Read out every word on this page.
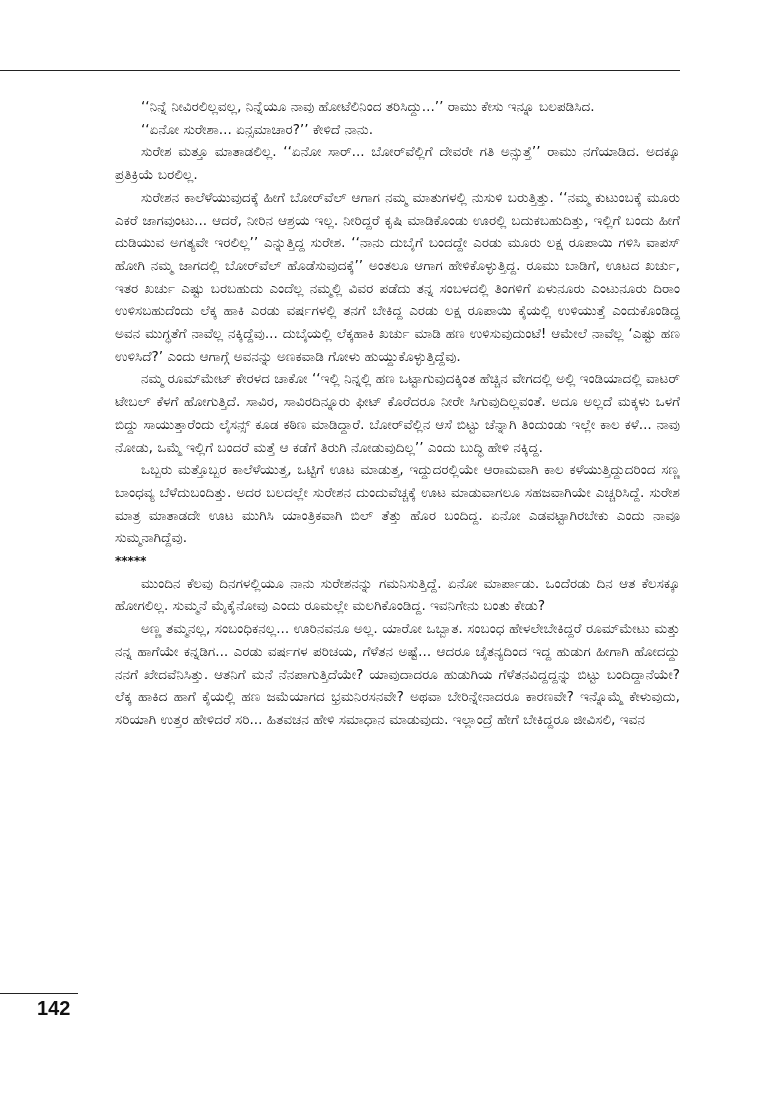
‘‘ನಿನ್ನೆ ನೀವಿರಲಿಲ್ಲವಲ್ಲ, ನಿನ್ನೆಯೂ ನಾವು ಹೋಟೆಲಿನಿಂದ ತರಿಸಿದ್ದು...’’ ರಾಮು ಕೇಸು ಇನ್ನೂ ಬಲಪಡಿಸಿದ.

‘‘ಏನೋ ಸುರೇಶಾ... ಏನ್ಸಮಾಚಾರ?’’ ಕೇಳಿದೆ ನಾನು.

ಸುರೇಶ ಮತ್ತೂ ಮಾತಾಡಲಿಲ್ಲ. ‘‘ಏನೋ ಸಾರ್... ಬೋರ್‌ವೆಲ್ಲಿಗೆ ದೇವರೇ ಗತಿ ಅನ್ಸುತ್ತೆ’’ ರಾಮು ನಗೆಯಾಡಿದ. ಅದಕ್ಕೂ ಪ್ರತಿಕ್ರಿಯೆ ಬರಲಿಲ್ಲ.

ಸುರೇಶನ ಕಾಲೆಳೆಯುವುದಕ್ಕೆ ಹೀಗೆ ಬೋರ್‌ವೆಲ್ ಆಗಾಗ ನಮ್ಮ ಮಾತುಗಳಲ್ಲಿ ನುಸುಳಿ ಬರುತ್ತಿತ್ತು. ‘‘ನಮ್ಮ ಕುಟುಂಬಕ್ಕೆ ಮೂರು ಎಕರೆ ಜಾಗವುಂಟು... ಆದರೆ, ನೀರಿನ ಆಶ್ರಯ ಇಲ್ಲ. ನೀರಿದ್ದರೆ ಕೃಷಿ ಮಾಡಿಕೊಂಡು ಊರಲ್ಲಿ ಬದುಕಬಹುದಿತ್ತು, ಇಲ್ಲಿಗೆ ಬಂದು ಹೀಗೆ ದುಡಿಯುವ ಅಗತ್ಯವೇ ಇರಲಿಲ್ಲ’’ ಎನ್ನುತ್ತಿದ್ದ ಸುರೇಶ. ‘‘ನಾನು ದುಬೈಗೆ ಬಂದದ್ದೇ ಎರಡು ಮೂರು ಲಕ್ಷ ರೂಪಾಯಿ ಗಳಿಸಿ ವಾಪಸ್ ಹೋಗಿ ನಮ್ಮ ಜಾಗದಲ್ಲಿ ಬೋರ್‌ವೆಲ್ ಹೊಡೆಸುವುದಕ್ಕೆ’’ ಅಂತಲೂ ಆಗಾಗ ಹೇಳಿಕೊಳ್ಳುತ್ತಿದ್ದ. ರೂಮು ಬಾಡಿಗೆ, ಊಟದ ಖರ್ಚು, ಇತರ ಖರ್ಚು ಎಷ್ಟು ಬರಬಹುದು ಎಂದೆಲ್ಲ ನಮ್ಮಲ್ಲಿ ವಿವರ ಪಡೆದು ತನ್ನ ಸಂಬಳದಲ್ಲಿ ತಿಂಗಳಿಗೆ ಏಳುನೂರು ಎಂಟುನೂರು ದಿರಾಂ ಉಳಿಸಬಹುದೆಂದು ಲೆಕ್ಕ ಹಾಕಿ ಎರಡು ವರ್ಷಗಳಲ್ಲಿ ತನಗೆ ಬೇಕಿದ್ದ ಎರಡು ಲಕ್ಷ ರೂಪಾಯಿ ಕೈಯಲ್ಲಿ ಉಳಿಯುತ್ತೆ ಎಂದುಕೊಂಡಿದ್ದ ಅವನ ಮುಗ್ಧತೆಗೆ ನಾವೆಲ್ಲ ನಕ್ಕಿದ್ದೆವು... ದುಬೈಯಲ್ಲಿ ಲೆಕ್ಕಹಾಕಿ ಖರ್ಚು ಮಾಡಿ ಹಣ ಉಳಿಸುವುದುಂಟೆ! ಆಮೇಲೆ ನಾವೆಲ್ಲ ‘ಎಷ್ಟು ಹಣ ಉಳಿಸಿದೆ?’ ಎಂದು ಆಗಾಗ್ಗೆ ಅವನನ್ನು ಅಣಕವಾಡಿ ಗೋಳು ಹುಯ್ದುಕೊಳ್ಳುತ್ತಿದ್ದೆವು.

ನಮ್ಮ ರೂಮ್‌ಮೇಟ್ ಕೇರಳದ ಚಾಕೋ ‘‘ಇಲ್ಲಿ ನಿನ್ನಲ್ಲಿ ಹಣ ಒಟ್ಟಾಗುವುದಕ್ಕಿಂತ ಹೆಚ್ಚಿನ ವೇಗದಲ್ಲಿ ಅಲ್ಲಿ ಇಂಡಿಯಾದಲ್ಲಿ ವಾಟರ್ ಟೇಬಲ್ ಕೆಳಗೆ ಹೋಗುತ್ತಿದೆ. ಸಾವಿರ, ಸಾವಿರದಿನ್ನೂರು ಫೀಟ್ ಕೊರೆದರೂ ನೀರೇ ಸಿಗುವುದಿಲ್ಲವಂತೆ. ಅದೂ ಅಲ್ಲದೆ ಮಕ್ಕಳು ಒಳಗೆ ಬಿದ್ದು ಸಾಯುತ್ತಾರೆಂದು ಲೈಸನ್ಸ್ ಕೂಡ ಕಠಿಣ ಮಾಡಿದ್ದಾರೆ. ಬೋರ್‌ವೆಲ್ಲಿನ ಆಸೆ ಬಿಟ್ಟು ಚೆನ್ನಾಗಿ ತಿಂದುಂಡು ಇಲ್ಲೇ ಕಾಲ ಕಳೆ... ನಾವು ನೋಡು, ಒಮ್ಮೆ ಇಲ್ಲಿಗೆ ಬಂದರೆ ಮತ್ತೆ ಆ ಕಡೆಗೆ ತಿರುಗಿ ನೋಡುವುದಿಲ್ಲ’’ ಎಂದು ಬುದ್ಧಿ ಹೇಳಿ ನಕ್ಕಿದ್ದ.

ಒಬ್ಬರು ಮತ್ತೊಬ್ಬರ ಕಾಲೆಳೆಯುತ್ತ, ಒಟ್ಟಿಗೆ ಊಟ ಮಾಡುತ್ತ, ಇದ್ದುದರಲ್ಲಿಯೇ ಆರಾಮವಾಗಿ ಕಾಲ ಕಳೆಯುತ್ತಿದ್ದುದರಿಂದ ಸಣ್ಣ ಬಾಂಧವ್ಯ ಬೆಳೆದುಬಂದಿತ್ತು. ಅದರ ಬಲದಲ್ಲೇ ಸುರೇಶನ ದುಂದುವೆಚ್ಚಕ್ಕೆ ಊಟ ಮಾಡುವಾಗಲೂ ಸಹಜವಾಗಿಯೇ ಎಚ್ಚರಿಸಿದ್ದೆ. ಸುರೇಶ ಮಾತ್ರ ಮಾತಾಡದೇ ಊಟ ಮುಗಿಸಿ ಯಾಂತ್ರಿಕವಾಗಿ ಬಿಲ್ ತೆತ್ತು ಹೊರ ಬಂದಿದ್ದ. ಏನೋ ಎಡವಟ್ಟಾಗಿರಬೇಕು ಎಂದು ನಾವೂ ಸುಮ್ಮನಾಗಿದ್ದೆವು.

*****

ಮುಂದಿನ ಕೆಲವು ದಿನಗಳಲ್ಲಿಯೂ ನಾನು ಸುರೇಶನನ್ನು ಗಮನಿಸುತ್ತಿದ್ದೆ. ಏನೋ ಮಾರ್ಪಾಡು. ಒಂದೆರಡು ದಿನ ಆತ ಕೆಲಸಕ್ಕೂ ಹೋಗಲಿಲ್ಲ. ಸುಮ್ಮನೆ ಮೈಕೈನೋವು ಎಂದು ರೂಮಲ್ಲೇ ಮಲಗಿಕೊಂಡಿದ್ದ. ಇವನಿಗೇನು ಬಂತು ಕೇಡು?

ಅಣ್ಣ ತಮ್ಮನಲ್ಲ, ಸಂಬಂಧಿಕನಲ್ಲ... ಊರಿನವನೂ ಅಲ್ಲ. ಯಾರೋ ಒಬ್ಬಾತ. ಸಂಬಂಧ ಹೇಳಲೇಬೇಕಿದ್ದರೆ ರೂಮ್‌ಮೇಟು ಮತ್ತು ನನ್ನ ಹಾಗೆಯೇ ಕನ್ನಡಿಗ... ಎರಡು ವರ್ಷಗಳ ಪರಿಚಯ, ಗೆಳೆತನ ಅಷ್ಟೆ... ಆದರೂ ಚೈತನ್ಯದಿಂದ ಇದ್ದ ಹುಡುಗ ಹೀಗಾಗಿ ಹೋದದ್ದು ನನಗೆ ಖೇದವೆನಿಸಿತ್ತು. ಆತನಿಗೆ ಮನೆ ನೆನಪಾಗುತ್ತಿದೆಯೇ? ಯಾವುದಾದರೂ ಹುಡುಗಿಯ ಗೆಳೆತನವಿದ್ದದ್ದನ್ನು ಬಿಟ್ಟು ಬಂದಿದ್ದಾನೆಯೇ? ಲೆಕ್ಕ ಹಾಕಿದ ಹಾಗೆ ಕೈಯಲ್ಲಿ ಹಣ ಜಮೆಯಾಗದ ಭ್ರಮನಿರಸನವೇ? ಅಥವಾ ಬೇರಿನ್ನೇನಾದರೂ ಕಾರಣವೇ? ಇನ್ನೊಮ್ಮೆ ಕೇಳುವುದು, ಸರಿಯಾಗಿ ಉತ್ತರ ಹೇಳಿದರೆ ಸರಿ... ಹಿತವಚನ ಹೇಳಿ ಸಮಾಧಾನ ಮಾಡುವುದು. ಇಲ್ಲಾಂದ್ರೆ ಹೇಗೆ ಬೇಕಿದ್ದರೂ ಜೀವಿಸಲಿ, ಇವನ

142
